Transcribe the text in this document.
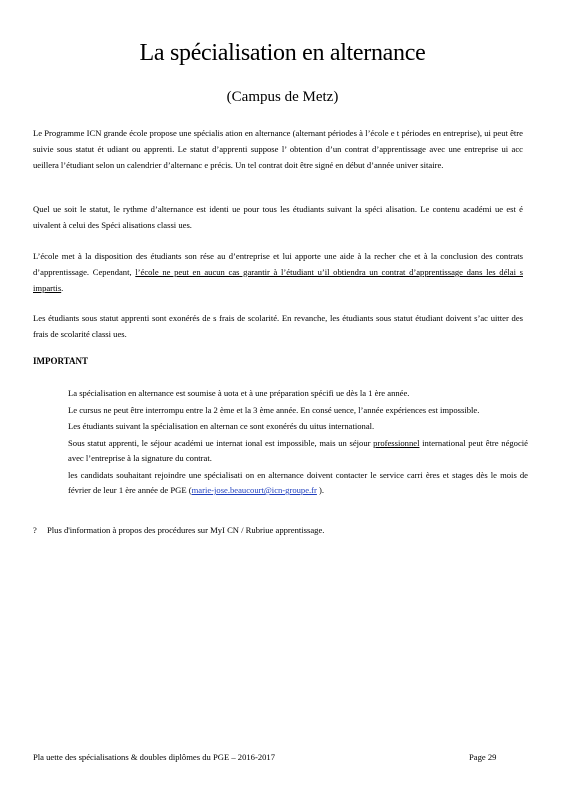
La spécialisation en alternance
(Campus de Metz)

Le Programme ICN grande école propose une spécialis ation en alternance (alternant périodes à l’école e t périodes en entreprise), ui peut être suivie sous statut ét udiant ou apprenti. Le statut d’apprenti suppose l’ obtention d’un contrat d’apprentissage avec une entreprise ui acc ueillera l’étudiant selon un calendrier d’alternanc e précis. Un tel contrat doit être signé en début d’année univer sitaire.

Quel ue soit le statut, le rythme d’alternance est identi ue pour tous les étudiants suivant la spéci alisation. Le contenu académi ue est é uivalent à celui des Spéci alisations classi ues.

L’école met à la disposition des étudiants son rése au d’entreprise et lui apporte une aide à la recher che et à la conclusion des contrats d’apprentissage. Cependant, l’école ne peut en aucun cas garantir à l’étudiant u’il obtiendra un contrat d’apprentissage dans les délai s impartis.

Les étudiants sous statut apprenti sont exonérés de s frais de scolarité. En revanche, les étudiants sous statut étudiant doivent s’ac uitter des frais de scolarité classi ues.

IMPORTANT
La spécialisation en alternance est soumise à uota et à une préparation spécifi ue dès la 1 ère année.
Le cursus ne peut être interrompu entre la 2 ème et la 3 ème année. En consé uence, l’année expériences est impossible.
Les étudiants suivant la spécialisation en alternan ce sont exonérés du uitus international.
Sous statut apprenti, le séjour académi ue internat ional est impossible, mais un séjour professionnel international peut être négocié avec l’entreprise à la signature du contrat.
les candidats souhaitant rejoindre une spécialisati on en alternance doivent contacter le service carri ères et stages dès le mois de février de leur 1 ère année de PGE (marie-jose.beaucourt@icn-groupe.fr ).
? Plus d'information à propos des procédures sur MyI CN / Rubriue apprentissage.
Pla uette des spécialisations & doubles diplômes du PGE – 2016-2017	Page 29
